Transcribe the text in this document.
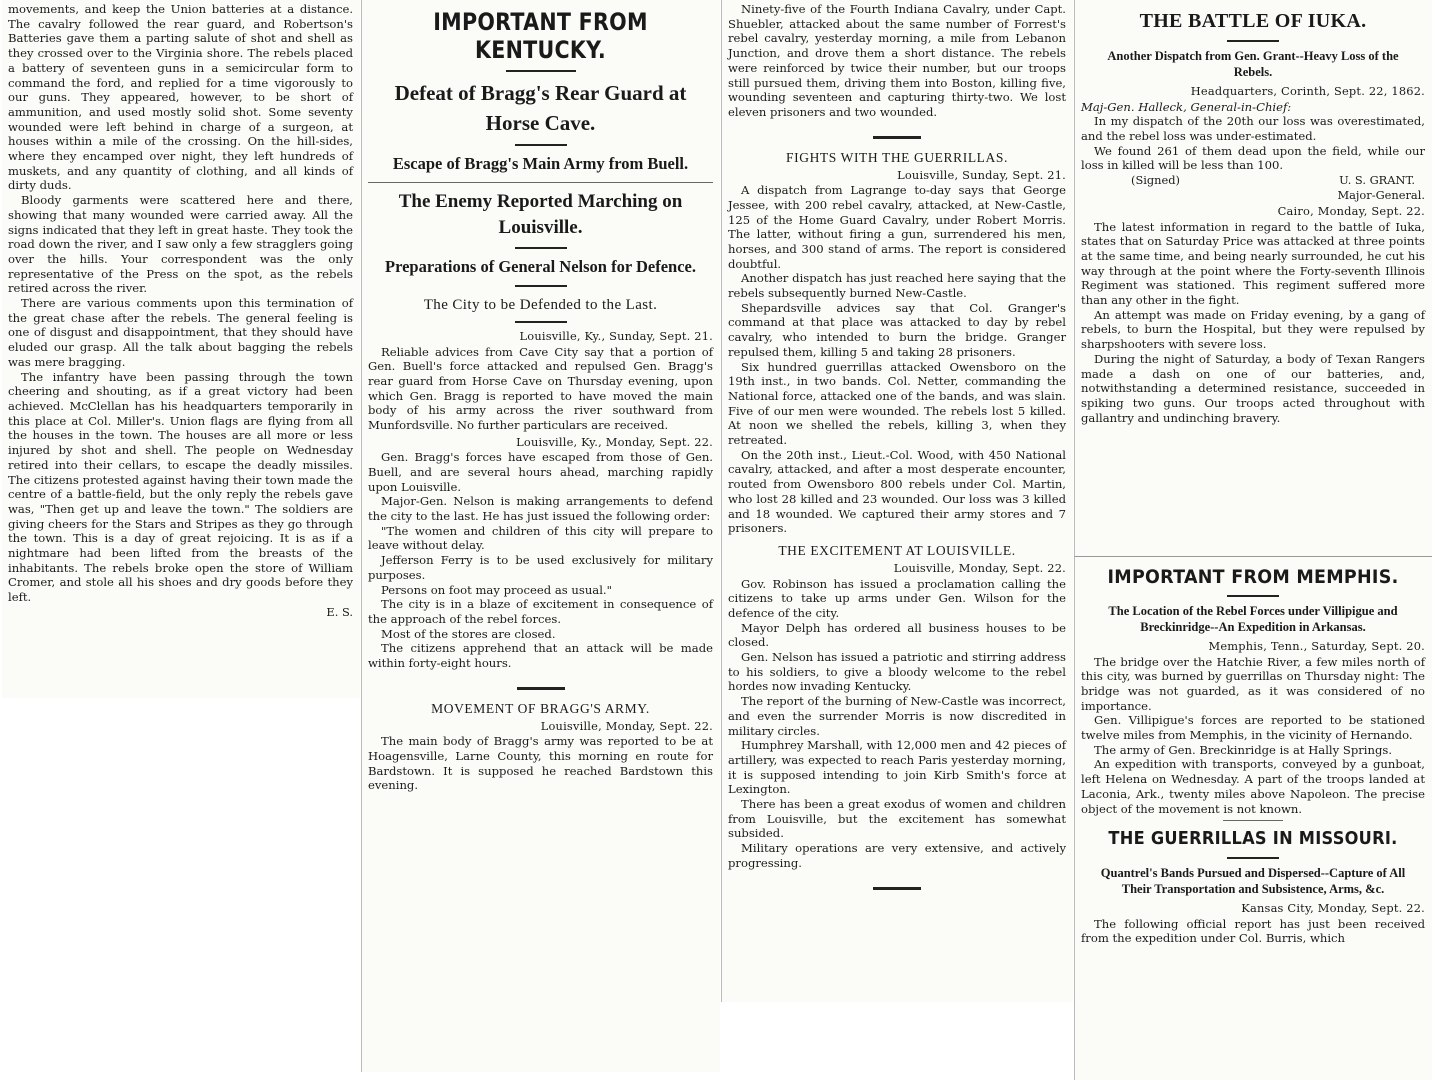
movements, and keep the Union batteries at a distance. The cavalry followed the rear guard, and Robertson's Batteries gave them a parting salute of shot and shell as they crossed over to the Virginia shore. The rebels placed a battery of seventeen guns in a semicircular form to command the ford, and replied for a time vigorously to our guns. They appeared, however, to be short of ammunition, and used mostly solid shot. Some seventy wounded were left behind in charge of a surgeon, at houses within a mile of the crossing. On the hill-sides, where they encamped over night, they left hundreds of muskets, and any quantity of clothing, and all kinds of dirty duds.

Bloody garments were scattered here and there, showing that many wounded were carried away. All the signs indicated that they left in great haste. They took the road down the river, and I saw only a few stragglers going over the hills. Your correspondent was the only representative of the Press on the spot, as the rebels retired across the river.

There are various comments upon this termination of the great chase after the rebels. The general feeling is one of disgust and disappointment, that they should have eluded our grasp. All the talk about bagging the rebels was mere bragging.

The infantry have been passing through the town cheering and shouting, as if a great victory had been achieved. McClellan has his headquarters temporarily in this place at Col. Miller's. Union flags are flying from all the houses in the town. The houses are all more or less injured by shot and shell. The people on Wednesday retired into their cellars, to escape the deadly missiles. The citizens protested against having their town made the centre of a battle-field, but the only reply the rebels gave was, "Then get up and leave the town." The soldiers are giving cheers for the Stars and Stripes as they go through the town. This is a day of great rejoicing. It is as if a nightmare had been lifted from the breasts of the inhabitants. The rebels broke open the store of William Cromer, and stole all his shoes and dry goods before they left.

E. S.
IMPORTANT FROM KENTUCKY.
Defeat of Bragg's Rear Guard at Horse Cave.
Escape of Bragg's Main Army from Buell.
The Enemy Reported Marching on Louisville.
Preparations of General Nelson for Defence.
The City to be Defended to the Last.
Louisville, Ky., Sunday, Sept. 21.

Reliable advices from Cave City say that a portion of Gen. Buell's force attacked and repulsed Gen. Bragg's rear guard from Horse Cave on Thursday evening, upon which Gen. Bragg is reported to have moved the main body of his army across the river southward from Munfordsville. No further particulars are received.

Louisville, Ky., Monday, Sept. 22.

Gen. Bragg's forces have escaped from those of Gen. Buell, and are several hours ahead, marching rapidly upon Louisville.

Major-Gen. Nelson is making arrangements to defend the city to the last. He has just issued the following order:

"The women and children of this city will prepare to leave without delay.

Jefferson Ferry is to be used exclusively for military purposes.

Persons on foot may proceed as usual."

The city is in a blaze of excitement in consequence of the approach of the rebel forces.

Most of the stores are closed.

The citizens apprehend that an attack will be made within forty-eight hours.

MOVEMENT OF BRAGG'S ARMY.
Louisville, Monday, Sept. 22.

The main body of Bragg's army was reported to be at Hoagensville, Larne County, this morning en route for Bardstown. It is supposed he reached Bardstown this evening.

Ninety-five of the Fourth Indiana Cavalry, under Capt. Shuebler, attacked about the same number of Forrest's rebel cavalry, yesterday morning, a mile from Lebanon Junction, and drove them a short distance. The rebels were reinforced by twice their number, but our troops still pursued them, driving them into Boston, killing five, wounding seventeen and capturing thirty-two. We lost eleven prisoners and two wounded.

FIGHTS WITH THE GUERRILLAS.
Louisville, Sunday, Sept. 21.

A dispatch from Lagrange to-day says that George Jessee, with 200 rebel cavalry, attacked, at New-Castle, 125 of the Home Guard Cavalry, under Robert Morris. The latter, without firing a gun, surrendered his men, horses, and 300 stand of arms. The report is considered doubtful.

Another dispatch has just reached here saying that the rebels subsequently burned New-Castle.

Shepardsville advices say that Col. Granger's command at that place was attacked to day by rebel cavalry, who intended to burn the bridge. Granger repulsed them, killing 5 and taking 28 prisoners.

Six hundred guerrillas attacked Owensboro on the 19th inst., in two bands. Col. Netter, commanding the National force, attacked one of the bands, and was slain. Five of our men were wounded. The rebels lost 5 killed. At noon we shelled the rebels, killing 3, when they retreated.

On the 20th inst., Lieut.-Col. Wood, with 450 National cavalry, attacked, and after a most desperate encounter, routed from Owensboro 800 rebels under Col. Martin, who lost 28 killed and 23 wounded. Our loss was 3 killed and 18 wounded. We captured their army stores and 7 prisoners.

THE EXCITEMENT AT LOUISVILLE.
Louisville, Monday, Sept. 22.

Gov. Robinson has issued a proclamation calling the citizens to take up arms under Gen. Wilson for the defence of the city.

Mayor Delph has ordered all business houses to be closed.

Gen. Nelson has issued a patriotic and stirring address to his soldiers, to give a bloody welcome to the rebel hordes now invading Kentucky.

The report of the burning of New-Castle was incorrect, and even the surrender Morris is now discredited in military circles.

Humphrey Marshall, with 12,000 men and 42 pieces of artillery, was expected to reach Paris yesterday morning, it is supposed intending to join Kirb Smith's force at Lexington.

There has been a great exodus of women and children from Louisville, but the excitement has somewhat subsided.

Military operations are very extensive, and actively progressing.

THE BATTLE OF IUKA.
Another Dispatch from Gen. Grant--Heavy Loss of the Rebels.
Headquarters, Corinth, Sept. 22, 1862.

Maj-Gen. Halleck, General-in-Chief:

In my dispatch of the 20th our loss was overestimated, and the rebel loss was under-estimated.

We found 261 of them dead upon the field, while our loss in killed will be less than 100.

(Signed)	U. S. GRANT.
Major-General.
Cairo, Monday, Sept. 22.

The latest information in regard to the battle of Iuka, states that on Saturday Price was attacked at three points at the same time, and being nearly surrounded, he cut his way through at the point where the Forty-seventh Illinois Regiment was stationed. This regiment suffered more than any other in the fight.

An attempt was made on Friday evening, by a gang of rebels, to burn the Hospital, but they were repulsed by sharpshooters with severe loss.

During the night of Saturday, a body of Texan Rangers made a dash on one of our batteries, and, notwithstanding a determined resistance, succeeded in spiking two guns. Our troops acted throughout with gallantry and undinching bravery.

IMPORTANT FROM MEMPHIS.
The Location of the Rebel Forces under Villipigue and Breckinridge--An Expedition in Arkansas.
Memphis, Tenn., Saturday, Sept. 20.

The bridge over the Hatchie River, a few miles north of this city, was burned by guerrillas on Thursday night: The bridge was not guarded, as it was considered of no importance.

Gen. Villipigue's forces are reported to be stationed twelve miles from Memphis, in the vicinity of Hernando.

The army of Gen. Breckinridge is at Hally Springs.

An expedition with transports, conveyed by a gunboat, left Helena on Wednesday. A part of the troops landed at Laconia, Ark., twenty miles above Napoleon. The precise object of the movement is not known.

THE GUERRILLAS IN MISSOURI.
Quantrel's Bands Pursued and Dispersed--Capture of All Their Transportation and Subsistence, Arms, &c.
Kansas City, Monday, Sept. 22.

The following official report has just been received from the expedition under Col. Burris, which
